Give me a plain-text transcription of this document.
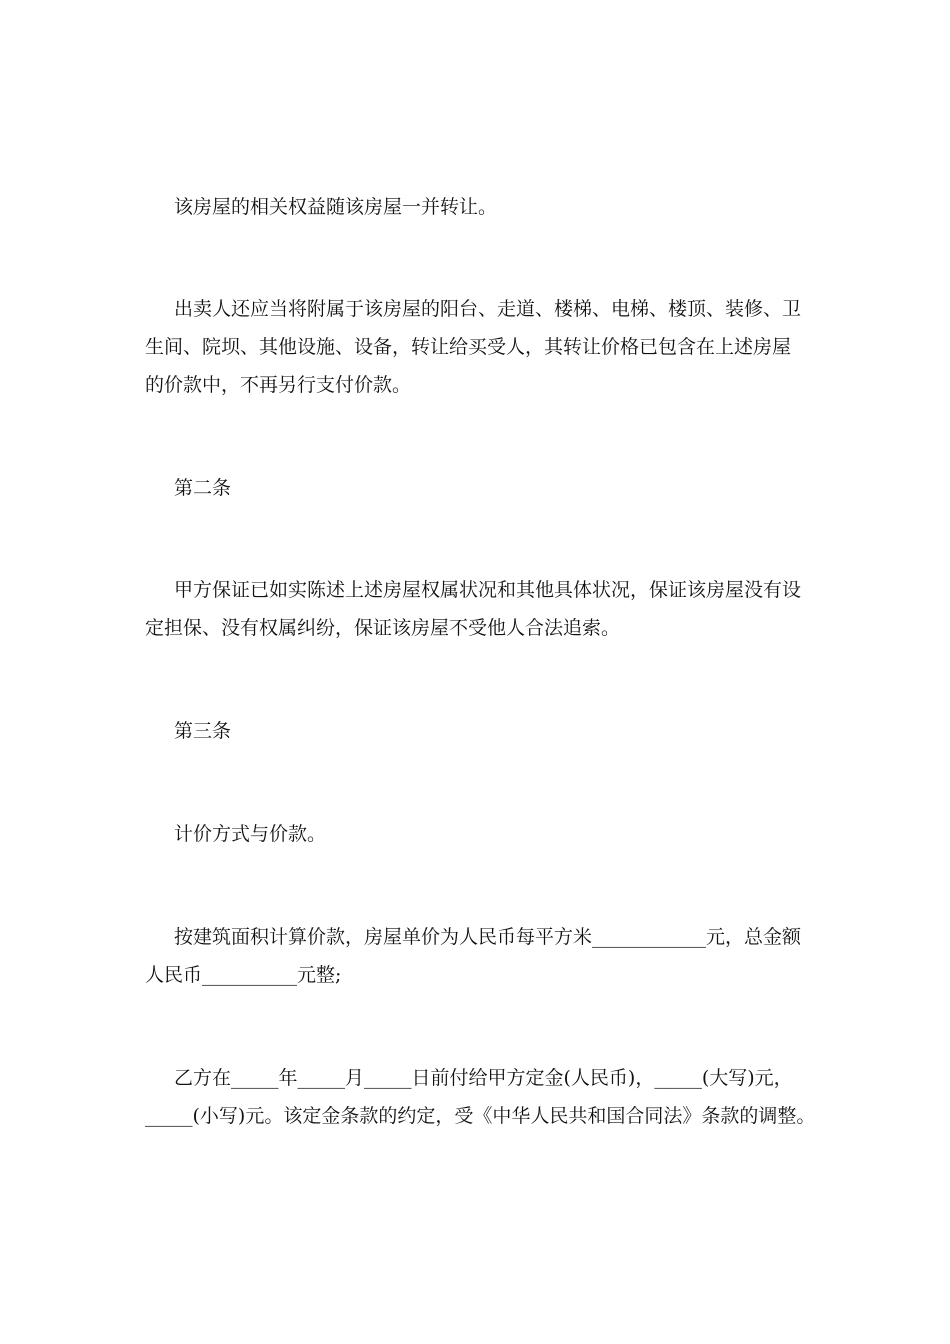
该房屋的相关权益随该房屋一并转让。
出卖人还应当将附属于该房屋的阳台、走道、楼梯、电梯、楼顶、装修、卫
生间、院坝、其他设施、设备，转让给买受人，其转让价格已包含在上述房屋
的价款中，不再另行支付价款。
第二条
甲方保证已如实陈述上述房屋权属状况和其他具体状况，保证该房屋没有设
定担保、没有权属纠纷，保证该房屋不受他人合法追索。
第三条
计价方式与价款。
按建筑面积计算价款，房屋单价为人民币每平方米____________元，总金额
人民币__________元整;
乙方在_____年_____月_____日前付给甲方定金(人民币)，_____(大写)元，
_____(小写)元。该定金条款的约定，受《中华人民共和国合同法》条款的调整。
